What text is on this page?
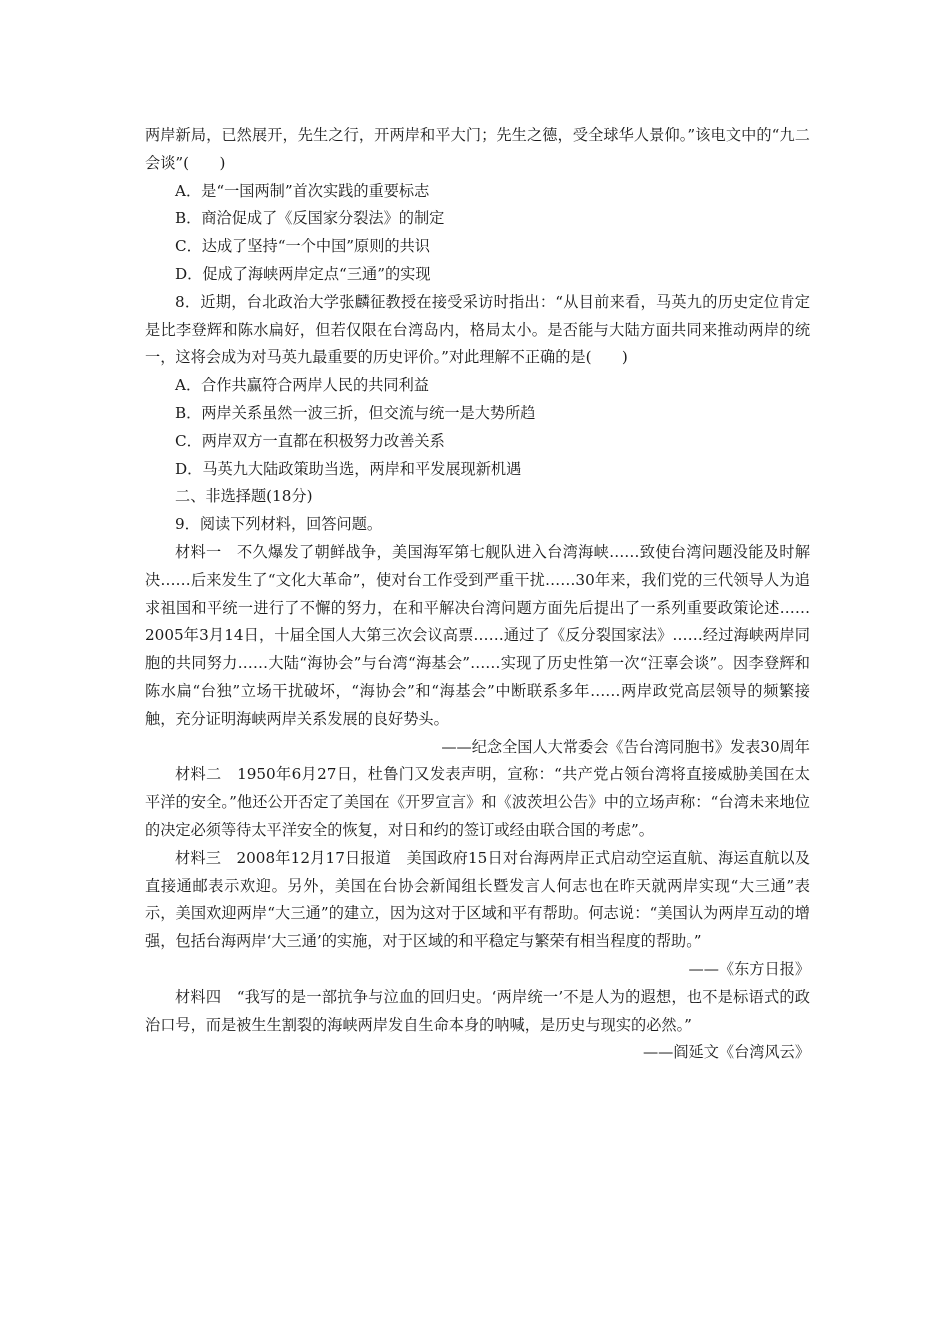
两岸新局，已然展开，先生之行，开两岸和平大门；先生之德，受全球华人景仰。”该电文中的“九二会谈”(　　)

A．是“一国两制”首次实践的重要标志

B．商洽促成了《反国家分裂法》的制定

C．达成了坚持“一个中国”原则的共识

D．促成了海峡两岸定点“三通”的实现

8．近期，台北政治大学张麟征教授在接受采访时指出：“从目前来看，马英九的历史定位肯定是比李登辉和陈水扁好，但若仅限在台湾岛内，格局太小。是否能与大陆方面共同来推动两岸的统一，这将会成为对马英九最重要的历史评价。”对此理解不正确的是(　　)

A．合作共赢符合两岸人民的共同利益

B．两岸关系虽然一波三折，但交流与统一是大势所趋

C．两岸双方一直都在积极努力改善关系

D．马英九大陆政策助当选，两岸和平发展现新机遇

二、非选择题(18分)

9．阅读下列材料，回答问题。

材料一　不久爆发了朝鲜战争，美国海军第七舰队进入台湾海峡……致使台湾问题没能及时解决……后来发生了“文化大革命”，使对台工作受到严重干扰……30年来，我们党的三代领导人为追求祖国和平统一进行了不懈的努力，在和平解决台湾问题方面先后提出了一系列重要政策论述……2005年3月14日，十届全国人大第三次会议高票……通过了《反分裂国家法》……经过海峡两岸同胞的共同努力……大陆“海协会”与台湾“海基会”……实现了历史性第一次“汪辜会谈”。因李登辉和陈水扁“台独”立场干扰破坏，“海协会”和“海基会”中断联系多年……两岸政党高层领导的频繁接触，充分证明海峡两岸关系发展的良好势头。

——纪念全国人大常委会《告台湾同胞书》发表30周年

材料二　1950年6月27日，杜鲁门又发表声明，宣称：“共产党占领台湾将直接威胁美国在太平洋的安全。”他还公开否定了美国在《开罗宣言》和《波茨坦公告》中的立场声称：“台湾未来地位的决定必须等待太平洋安全的恢复，对日和约的签订或经由联合国的考虑”。

材料三　2008年12月17日报道　美国政府15日对台海两岸正式启动空运直航、海运直航以及直接通邮表示欢迎。另外，美国在台协会新闻组长暨发言人何志也在昨天就两岸实现“大三通”表示，美国欢迎两岸“大三通”的建立，因为这对于区域和平有帮助。何志说：“美国认为两岸互动的增强，包括台海两岸‘大三通’的实施，对于区域的和平稳定与繁荣有相当程度的帮助。”

——《东方日报》

材料四　“我写的是一部抗争与泣血的回归史。‘两岸统一’不是人为的遐想，也不是标语式的政治口号，而是被生生割裂的海峡两岸发自生命本身的呐喊，是历史与现实的必然。”

——阎延文《台湾风云》
